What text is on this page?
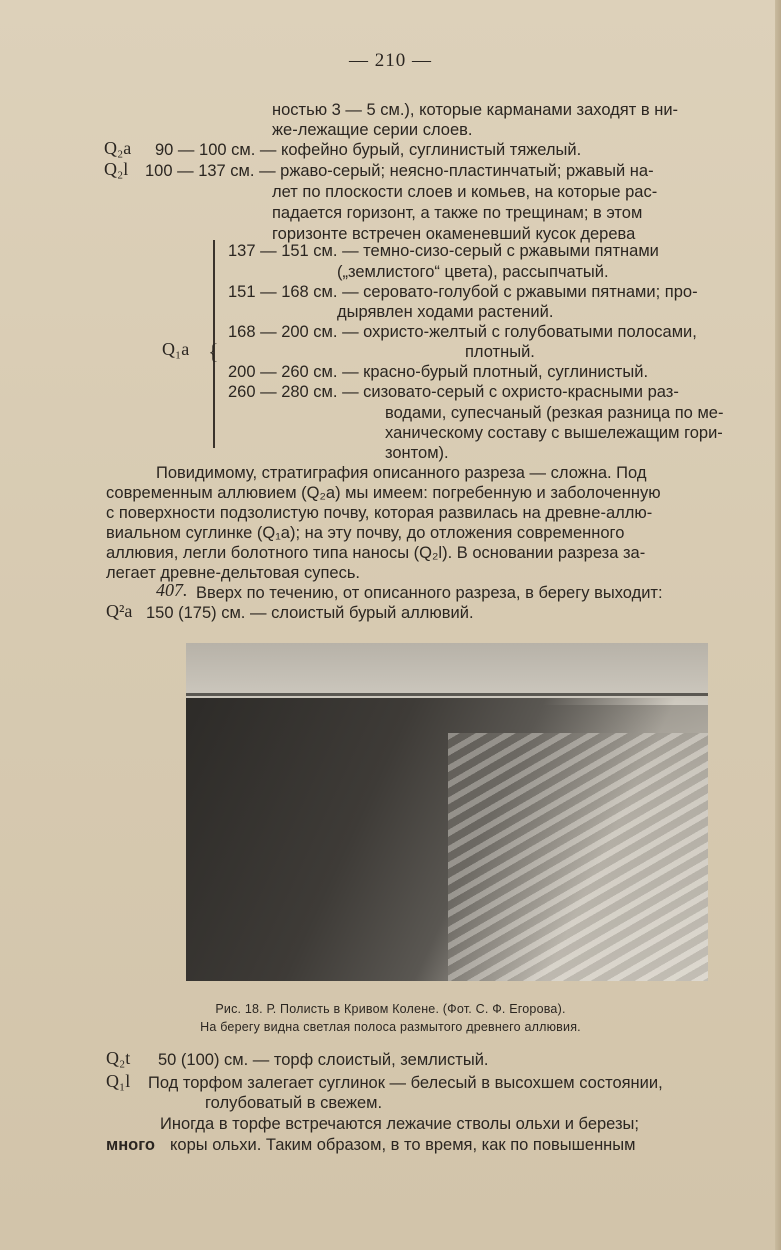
— 210 —
ностью 3 — 5 см.), которые карманами заходят в ни-
же-лежащие серии слоев.
Q₂a 90 — 100 см. — кофейно бурый, суглинистый тяжелый.
Q₂l 100 — 137 см. — ржаво-серый; неясно-пластинчатый; ржавый на-
лет по плоскости слоев и комьев, на которые рас-
падается горизонт, а также по трещинам; в этом
горизонте встречен окаменевший кусок дерева
{
Q₁a
137 — 151 см. — темно-сизо-серый с ржавыми пятнами
(„землистого“ цвета), рассыпчатый.
151 — 168 см. — серовато-голубой с ржавыми пятнами; про-
дырявлен ходами растений.
168 — 200 см. — охристо-желтый с голубоватыми полосами,
плотный.
200 — 260 см. — красно-бурый плотный, суглинистый.
260 — 280 см. — сизовато-серый с охристо-красными раз-
водами, супесчаный (резкая разница по ме-
ханическому составу с вышележащим гори-
зонтом).
Повидимому, стратиграфия описанного разреза — сложна. Под
современным аллювием (Q₂a) мы имеем: погребенную и заболоченную
с поверхности подзолистую почву, которая развилась на древне-аллю-
виальном суглинке (Q₁a); на эту почву, до отложения современного
аллювия, легли болотного типа наносы (Q₂l). В основании разреза за-
легает древне-дельтовая супесь.
407. Вверх по течению, от описанного разреза, в берегу выходит:
Q²a 150 (175) см. — слоистый бурый аллювий.
Рис. 18. Р. Полисть в Кривом Колене. (Фот. С. Ф. Егорова).
На берегу видна светлая полоса размытого древнего аллювия.
Q₂t 50 (100) см. — торф слоистый, землистый.
Q₁l Под торфом залегает суглинок — белесый в высохшем состоянии,
голубоватый в свежем.
Иногда в торфе встречаются лежачие стволы ольхи и березы;
много коры ольхи. Таким образом, в то время, как по повышенным
